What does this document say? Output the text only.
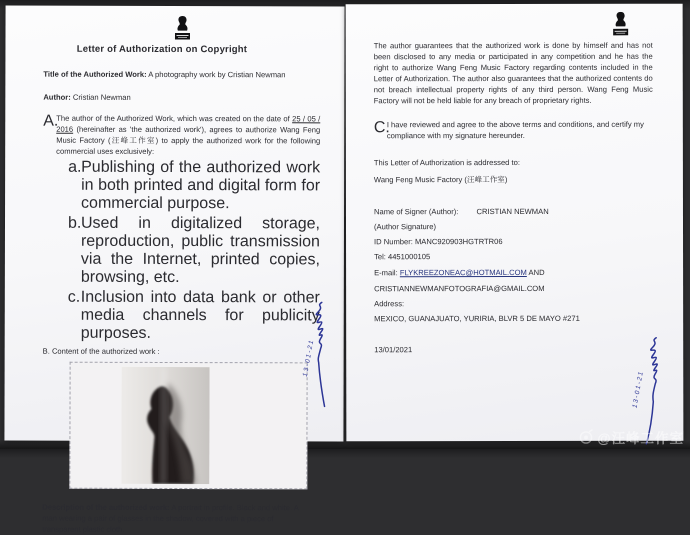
Letter of Authorization on Copyright

Title of the Authorized Work: A photography work by Cristian Newman

Author: Cristian Newman

A.

The author of the Authorized Work, which was created on the date of 25 / 05 / 2016 (hereinafter as 'the authorized work'), agrees to authorize Wang Feng Music Factory (汪峰工作室) to apply the authorized work for the following commercial uses exclusively:

a. Publishing of the authorized work in both printed and digital form for commercial purpose.
b. Used in digitalized storage, reproduction, public transmission via the Internet, printed copies, browsing, etc.
c. Inclusion into data bank or other media channels for publicity purposes.

B. Content of the authorized work :

Description of the authorized work: A portrait in profile. Black and white. A man wearing a pair of glasses in the shadow, covered with a piece of transparent plastic cloth.

13-01-21

The author guarantees that the authorized work is done by himself and has not been disclosed to any media or participated in any competition and he has the right to authorize Wang Feng Music Factory regarding contents included in the Letter of Authorization. The author also guarantees that the authorized contents do not breach intellectual property rights of any third person. Wang Feng Music Factory will not be held liable for any breach of proprietary rights.

C.

I have reviewed and agree to the above terms and conditions, and certify my compliance with my signature hereunder.

This Letter of Authorization is addressed to:

Wang Feng Music Factory (汪峰工作室)

Name of Signer (Author): CRISTIAN NEWMAN

(Author Signature)

ID Number: MANC920903HGTRTR06

Tel: 4451000105

E-mail: FLYKREEZONEAC@HOTMAIL.COM AND

CRISTIANNEWMANFOTOGRAFIA@GMAIL.COM

Address:

MEXICO, GUANAJUATO, YURIRIA, BLVR 5 DE MAYO #271

13/01/2021

13-01-21
@汪峰工作室
